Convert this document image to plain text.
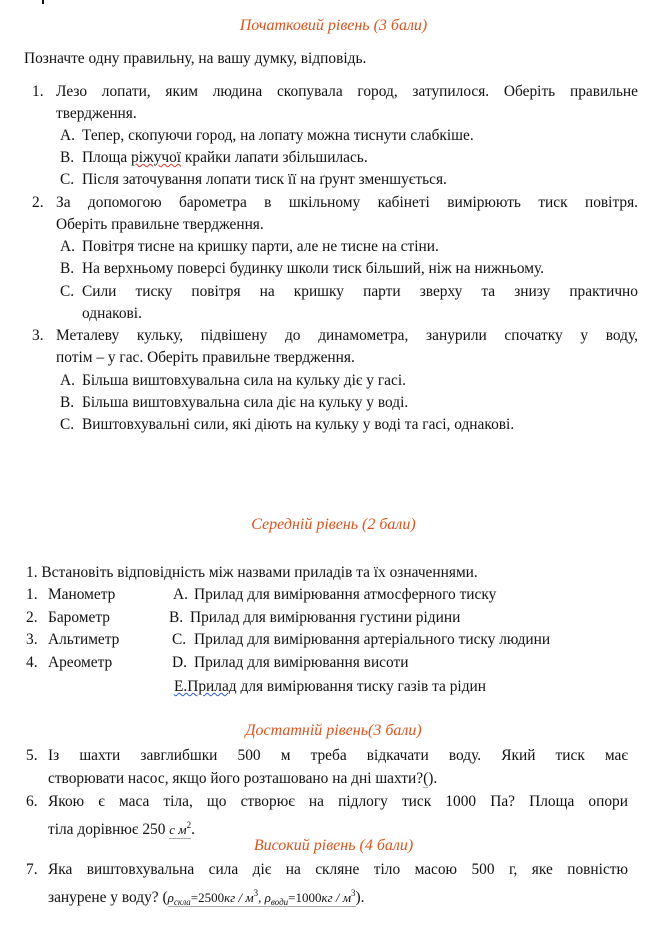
Початковий рівень (3 бали)
Позначте одну правильну, на вашу думку, відповідь.
1. Лезо лопати, яким людина скопувала город, затупилося. Оберіть правильне
твердження.
A. Тепер, скопуючи город, на лопату можна тиснути слабкіше.
B. Площа ріжучої крайки лапати збільшилась.
C. Після заточування лопати тиск її на ґрунт зменшується.
2. За допомогою барометра в шкільному кабінеті вимірюють тиск повітря.
Оберіть правильне твердження.
A. Повітря тисне на кришку парти, але не тисне на стіни.
B. На верхньому поверсі будинку школи тиск більший, ніж на нижньому.
C. Сили тиску повітря на кришку парти зверху та знизу практично
однакові.
3. Металеву кульку, підвішену до динамометра, занурили спочатку у воду,
потім – у гас. Оберіть правильне твердження.
A. Більша виштовхувальна сила на кульку діє у гасі.
B. Більша виштовхувальна сила діє на кульку у воді.
C. Виштовхувальні сили, які діють на кульку у воді та гасі, однакові.
Середній рівень (2 бали)
1. Встановіть відповідність між назвами приладів та їх означеннями.
1. Манометр
2. Барометр
3. Альтиметр
4. Ареометр
A. Прилад для вимірювання атмосферного тиску
B. Прилад для вимірювання густини рідини
C. Прилад для вимірювання артеріального тиску людини
D. Прилад для вимірювання висоти
Е.Прилад для вимірювання тиску газів та рідин
Достатній рівень(3 бали)
5. Із шахти завглибшки 500 м треба відкачати воду. Який тиск має
створювати насос, якщо його розташовано на дні шахти?().
6. Якою є маса тіла, що створює на підлогу тиск 1000 Па? Площа опори
тіла дорівнює 250 с $м^2$.
Високий рівень (4 бали)
7. Яка виштовхувальна сила діє на скляне тіло масою 500 г, яке повністю
занурене у воду? ($\rho_{скла}=2500кг / м^3$, $\rho_{води}=1000кг / м^3$).
